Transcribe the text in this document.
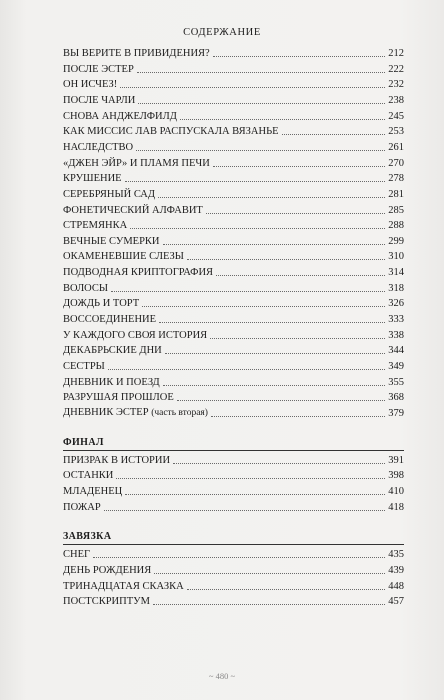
СОДЕРЖАНИЕ
ВЫ ВЕРИТЕ В ПРИВИДЕНИЯ?	212
ПОСЛЕ ЭСТЕР	222
ОН ИСЧЕЗ!	232
ПОСЛЕ ЧАРЛИ	238
СНОВА АНДЖЕЛФИЛД	245
КАК МИССИС ЛАВ РАСПУСКАЛА ВЯЗАНЬЕ	253
НАСЛЕДСТВО	261
«ДЖЕН ЭЙР» И ПЛАМЯ ПЕЧИ	270
КРУШЕНИЕ	278
СЕРЕБРЯНЫЙ САД	281
ФОНЕТИЧЕСКИЙ АЛФАВИТ	285
СТРЕМЯНКА	288
ВЕЧНЫЕ СУМЕРКИ	299
ОКАМЕНЕВШИЕ СЛЕЗЫ	310
ПОДВОДНАЯ КРИПТОГРАФИЯ	314
ВОЛОСЫ	318
ДОЖДЬ И ТОРТ	326
ВОССОЕДИНЕНИЕ	333
У КАЖДОГО СВОЯ ИСТОРИЯ	338
ДЕКАБРЬСКИЕ ДНИ	344
СЕСТРЫ	349
ДНЕВНИК И ПОЕЗД	355
РАЗРУШАЯ ПРОШЛОЕ	368
ДНЕВНИК ЭСТЕР (часть вторая)	379
ФИНАЛ
ПРИЗРАК В ИСТОРИИ	391
ОСТАНКИ	398
МЛАДЕНЕЦ	410
ПОЖАР	418
ЗАВЯЗКА
СНЕГ	435
ДЕНЬ РОЖДЕНИЯ	439
ТРИНАДЦАТАЯ СКАЗКА	448
ПОСТСКРИПТУМ	457
~ 480 ~
